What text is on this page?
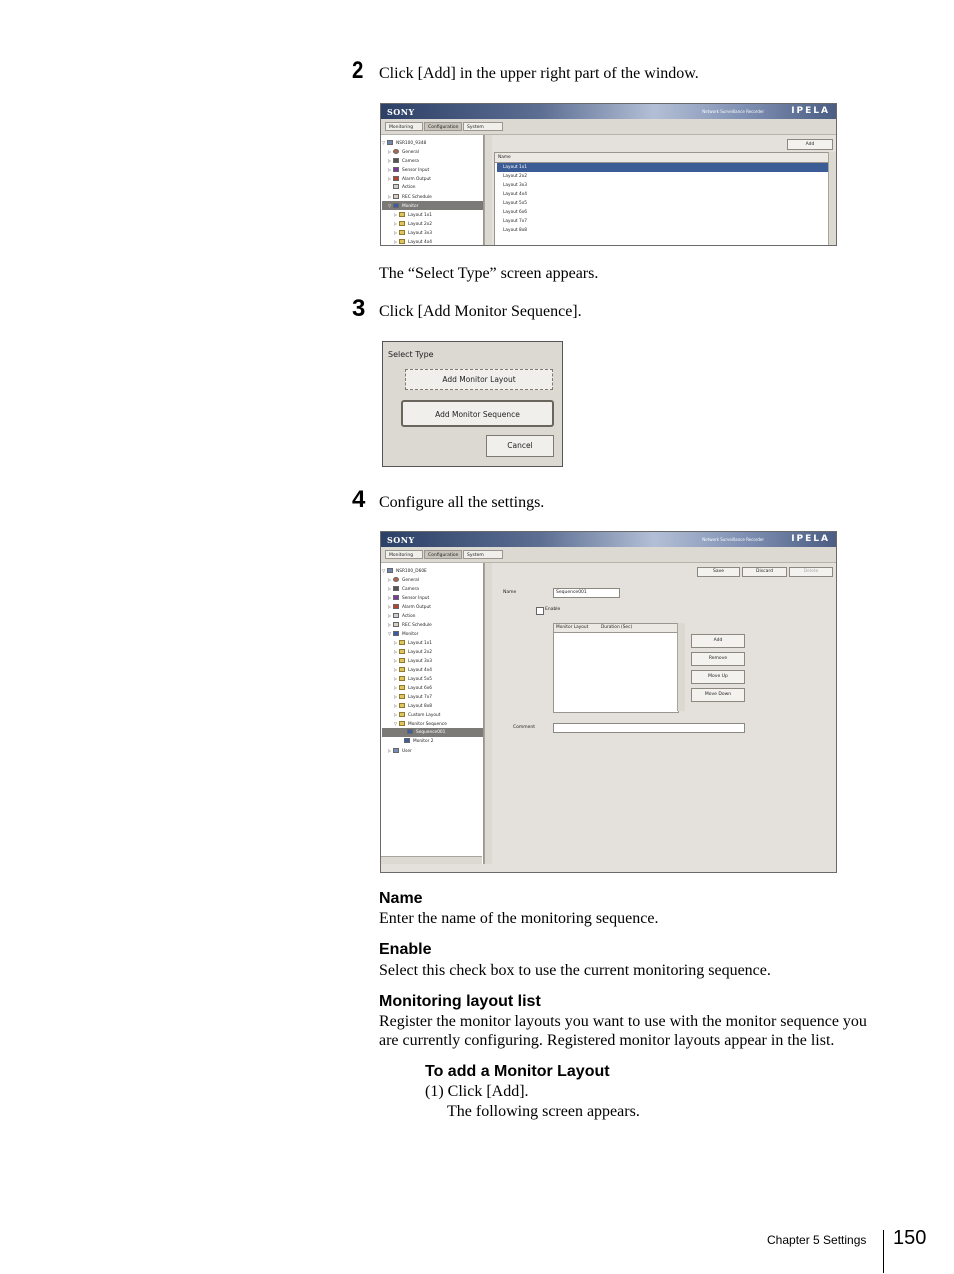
2 Click [Add] in the upper right part of the window.
SONY	Network Surveillance Recorder	IPELA
Monitoring	Configuration	System
▽	NSR100_9348
▷	General
▷	Camera
▷	Sensor Input
▷	Alarm Output
Action
▷	REC Schedule
▽	Monitor
▷	Layout 1x1
▷	Layout 2x2
▷	Layout 3x3
▷	Layout 4x4
Add
Name
Layout 1x1
Layout 2x2
Layout 3x3
Layout 4x4
Layout 5x5
Layout 6x6
Layout 7x7
Layout 8x8
The “Select Type” screen appears.
3 Click [Add Monitor Sequence].
Select Type
Add Monitor Layout
Add Monitor Sequence
Cancel
4 Configure all the settings.
SONY	Network Surveillance Recorder	IPELA
Monitoring	Configuration	System
▽	NSR100_D60E
▷	General
▷	Camera
▷	Sensor Input
▷	Alarm Output
▷	Action
▷	REC Schedule
▽	Monitor
▷	Layout 1x1
▷	Layout 2x2
▷	Layout 3x3
▷	Layout 4x4
▷	Layout 5x5
▷	Layout 6x6
▷	Layout 7x7
▷	Layout 8x8
▷	Custom Layout
▽	Monitor Sequence
Sequence001
Monitor 2
▷	User
Save	Discard	Delete
Name	Sequence001
Enable
Monitor Layout	Duration (Sec)
Add
Remove
Move Up
Move Down
Comment
Name
Enter the name of the monitoring sequence.
Enable
Select this check box to use the current monitoring sequence.
Monitoring layout list
Register the monitor layouts you want to use with the monitor sequence you
are currently configuring. Registered monitor layouts appear in the list.
To add a Monitor Layout
(1) Click [Add].
The following screen appears.
Chapter 5 Settings 150
